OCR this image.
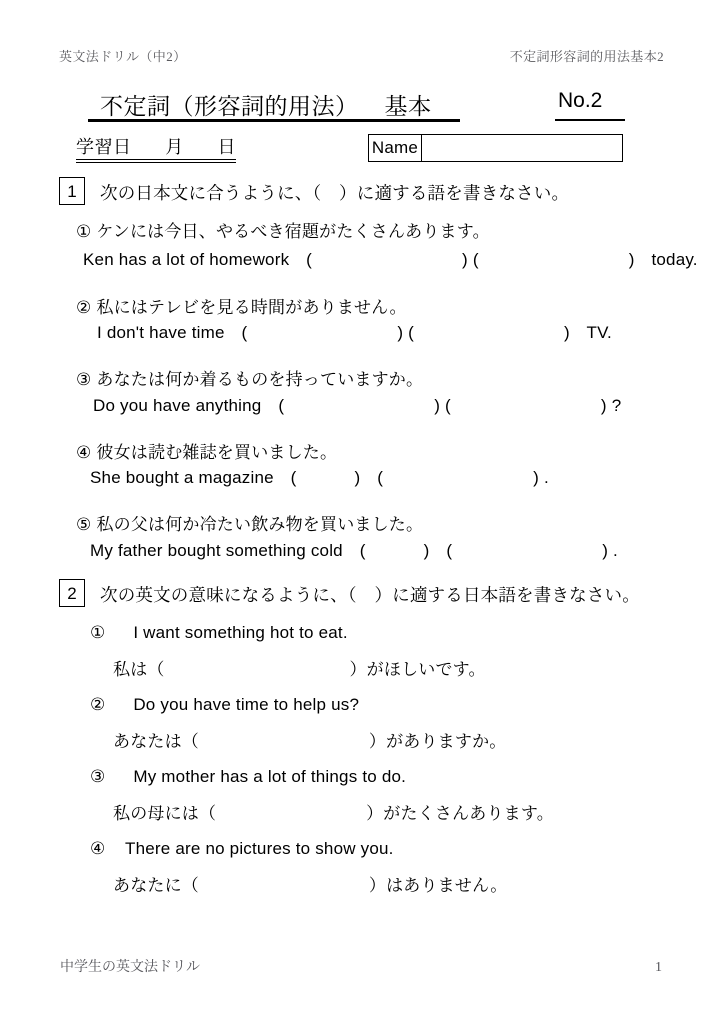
英文法ドリル（中2）	不定詞形容詞的用法基本2
不定詞（形容詞的用法） 基本	No.2
学習日 月 日	Name
1	次の日本文に合うように、（　）に適する語を書きなさい。
① ケンには今日、やるべき宿題がたくさんあります。
Ken has a lot of homework (	) (	) today.
② 私にはテレビを見る時間がありません。
I don't have time (	) (	) TV.
③ あなたは何か着るものを持っていますか。
Do you have anything (	) (	) ?
④ 彼女は読む雑誌を買いました。
She bought a magazine (	) (	) .
⑤ 私の父は何か冷たい飲み物を買いました。
My father bought something cold (	) (	) .
2	次の英文の意味になるように、（　）に適する日本語を書きなさい。
① I want something hot to eat.
私は（	）がほしいです。
② Do you have time to help us?
あなたは（	）がありますか。
③ My mother has a lot of things to do.
私の母には（	）がたくさんあります。
④ There are no pictures to show you.
あなたに（	）はありません。
中学生の英文法ドリル	1
